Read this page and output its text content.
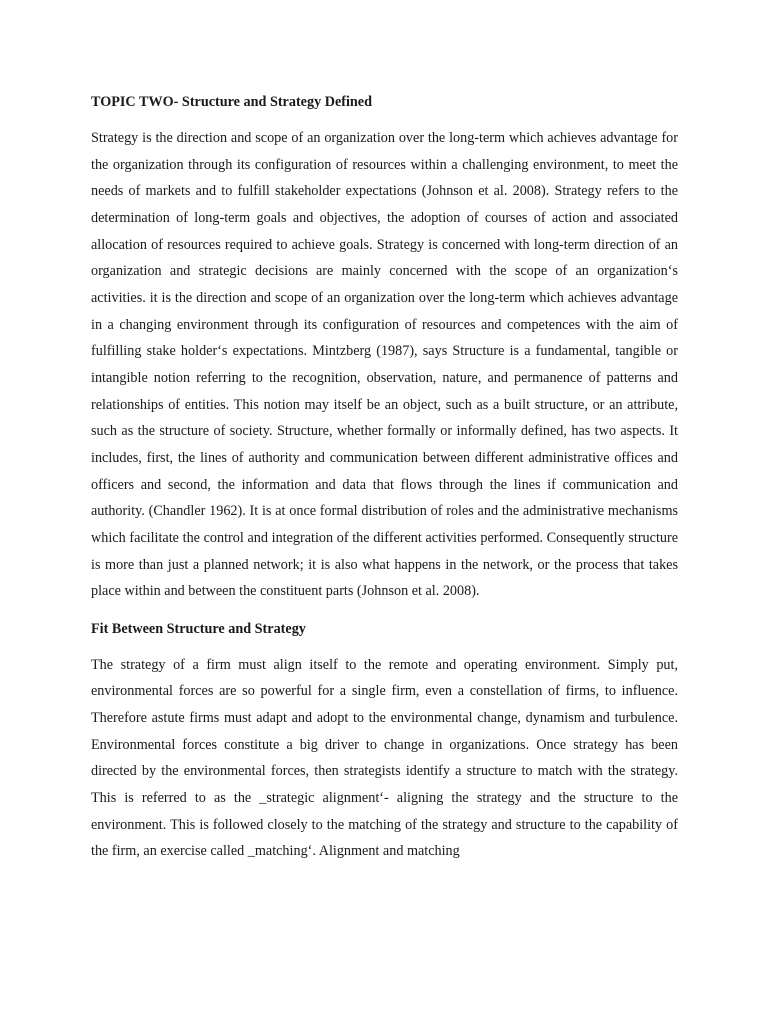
TOPIC TWO- Structure and Strategy Defined

Strategy is the direction and scope of an organization over the long-term which achieves advantage for the organization through its configuration of resources within a challenging environment, to meet the needs of markets and to fulfill stakeholder expectations (Johnson et al. 2008). Strategy refers to the determination of long-term goals and objectives, the adoption of courses of action and associated allocation of resources required to achieve goals. Strategy is concerned with long-term direction of an organization and strategic decisions are mainly concerned with the scope of an organization‘s activities. it is the direction and scope of an organization over the long-term which achieves advantage in a changing environment through its configuration of resources and competences with the aim of fulfilling stake holder‘s expectations. Mintzberg (1987), says Structure is a fundamental, tangible or intangible notion referring to the recognition, observation, nature, and permanence of patterns and relationships of entities. This notion may itself be an object, such as a built structure, or an attribute, such as the structure of society. Structure, whether formally or informally defined, has two aspects. It includes, first, the lines of authority and communication between different administrative offices and officers and second, the information and data that flows through the lines if communication and authority. (Chandler 1962). It is at once formal distribution of roles and the administrative mechanisms which facilitate the control and integration of the different activities performed. Consequently structure is more than just a planned network; it is also what happens in the network, or the process that takes place within and between the constituent parts (Johnson et al. 2008).

Fit Between Structure and Strategy

The strategy of a firm must align itself to the remote and operating environment. Simply put, environmental forces are so powerful for a single firm, even a constellation of firms, to influence. Therefore astute firms must adapt and adopt to the environmental change, dynamism and turbulence. Environmental forces constitute a big driver to change in organizations. Once strategy has been directed by the environmental forces, then strategists identify a structure to match with the strategy. This is referred to as the _strategic alignment‘- aligning the strategy and the structure to the environment. This is followed closely to the matching of the strategy and structure to the capability of the firm, an exercise called _matching‘. Alignment and matching
